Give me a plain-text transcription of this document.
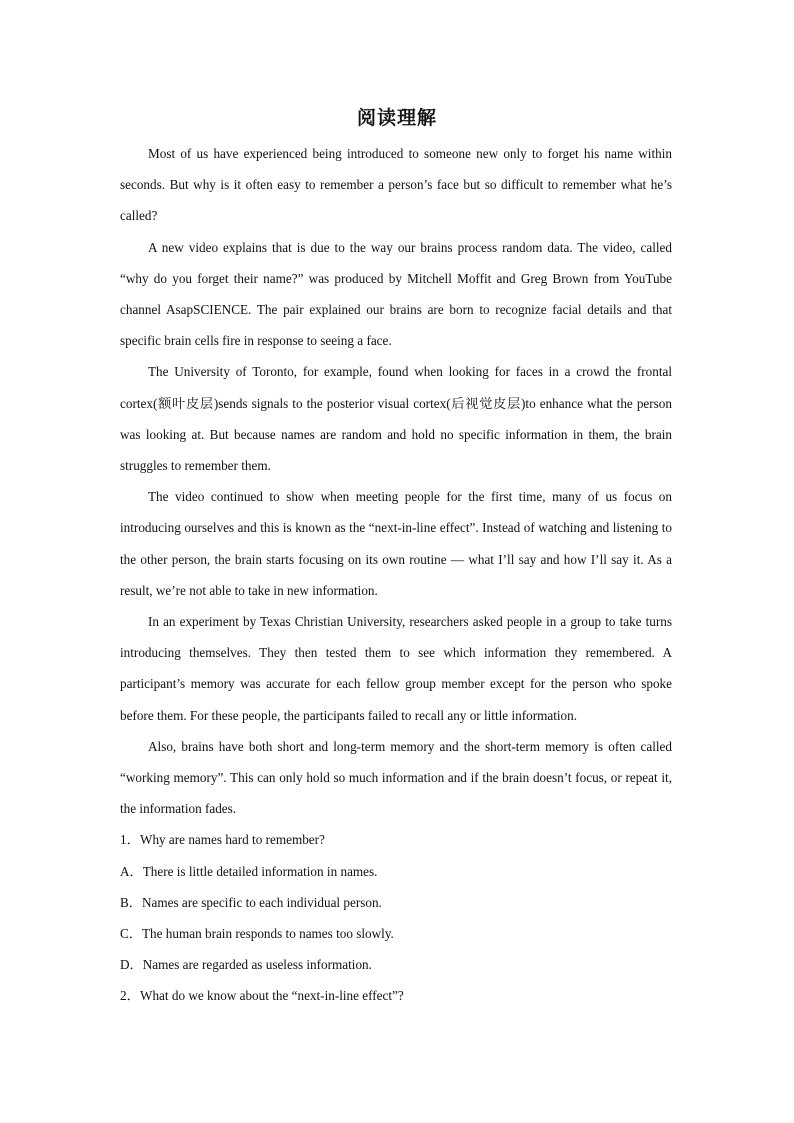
阅读理解

Most of us have experienced being introduced to someone new only to forget his name within seconds. But why is it often easy to remember a person’s face but so difficult to remember what he’s called?

A new video explains that is due to the way our brains process random data. The video, called “why do you forget their name?” was produced by Mitchell Moffit and Greg Brown from YouTube channel AsapSCIENCE. The pair explained our brains are born to recognize facial details and that specific brain cells fire in response to seeing a face.

The University of Toronto, for example, found when looking for faces in a crowd the frontal cortex(额叶皮层)sends signals to the posterior visual cortex(后视觉皮层)to enhance what the person was looking at. But because names are random and hold no specific information in them, the brain struggles to remember them.

The video continued to show when meeting people for the first time, many of us focus on introducing ourselves and this is known as the “next-in-line effect”. Instead of watching and listening to the other person, the brain starts focusing on its own routine — what I’ll say and how I’ll say it. As a result, we’re not able to take in new information.

In an experiment by Texas Christian University, researchers asked people in a group to take turns introducing themselves. They then tested them to see which information they remembered. A participant’s memory was accurate for each fellow group member except for the person who spoke before them. For these people, the participants failed to recall any or little information.

Also, brains have both short and long-term memory and the short-term memory is often called “working memory”. This can only hold so much information and if the brain doesn’t focus, or repeat it, the information fades.

1．Why are names hard to remember?
A．There is little detailed information in names.
B．Names are specific to each individual person.
C．The human brain responds to names too slowly.
D．Names are regarded as useless information.
2．What do we know about the “next-in-line effect”?
